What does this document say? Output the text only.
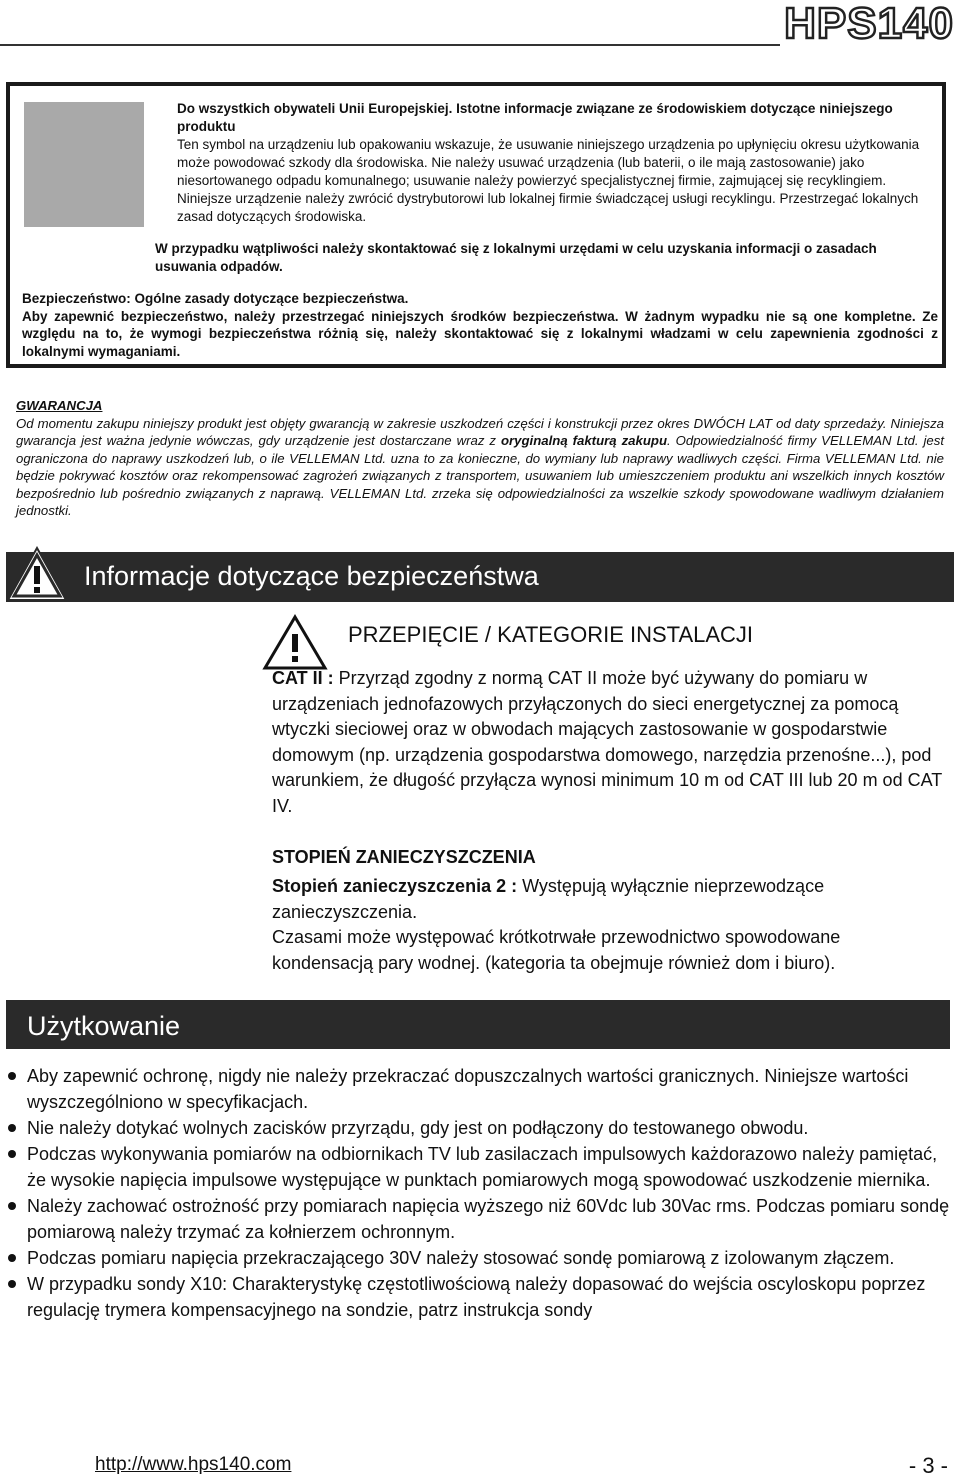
HPS140

Do wszystkich obywateli Unii Europejskiej. Istotne informacje związane ze środowiskiem dotyczące niniejszego produktu

Ten symbol na urządzeniu lub opakowaniu wskazuje, że usuwanie niniejszego urządzenia po upłynięciu okresu użytkowania może powodować szkody dla środowiska. Nie należy usuwać urządzenia (lub baterii, o ile mają zastosowanie) jako niesortowanego odpadu komunalnego; usuwanie należy powierzyć specjalistycznej firmie, zajmującej się recyklingiem. Niniejsze urządzenie należy zwrócić dystrybutorowi lub lokalnej firmie świadczącej usługi recyklingu. Przestrzegać lokalnych zasad dotyczących środowiska.

W przypadku wątpliwości należy skontaktować się z lokalnymi urzędami w celu uzyskania informacji o zasadach usuwania odpadów.

Bezpieczeństwo: Ogólne zasady dotyczące bezpieczeństwa.

Aby zapewnić bezpieczeństwo, należy przestrzegać niniejszych środków bezpieczeństwa. W żadnym wypadku nie są one kompletne. Ze względu na to, że wymogi bezpieczeństwa różnią się, należy skontaktować się z lokalnymi władzami w celu zapewnienia zgodności z lokalnymi wymaganiami.

GWARANCJA

Od momentu zakupu niniejszy produkt jest objęty gwarancją w zakresie uszkodzeń części i konstrukcji przez okres DWÓCH LAT od daty sprzedaży. Niniejsza gwarancja jest ważna jedynie wówczas, gdy urządzenie jest dostarczane wraz z oryginalną fakturą zakupu. Odpowiedzialność firmy VELLEMAN Ltd. jest ograniczona do naprawy uszkodzeń lub, o ile VELLEMAN Ltd. uzna to za konieczne, do wymiany lub naprawy wadliwych części. Firma VELLEMAN Ltd. nie będzie pokrywać kosztów oraz rekompensować zagrożeń związanych z transportem, usuwaniem lub umieszczeniem produktu ani wszelkich innych kosztów bezpośrednio lub pośrednio związanych z naprawą. VELLEMAN Ltd. zrzeka się odpowiedzialności za wszelkie szkody spowodowane wadliwym działaniem jednostki.

Informacje dotyczące bezpieczeństwa
PRZEPIĘCIE / KATEGORIE INSTALACJI
CAT II : Przyrząd zgodny z normą CAT II może być używany do pomiaru w urządzeniach jednofazowych przyłączonych do sieci energetycznej za pomocą wtyczki sieciowej oraz w obwodach mających zastosowanie w gospodarstwie domowym (np. urządzenia gospodarstwa domowego, narzędzia przenośne...), pod warunkiem, że długość przyłącza wynosi minimum 10 m od CAT III lub 20 m od CAT IV.
STOPIEŃ ZANIECZYSZCZENIA

Stopień zanieczyszczenia 2 : Występują wyłącznie nieprzewodzące zanieczyszczenia.

Czasami może występować krótkotrwałe przewodnictwo spowodowane kondensacją pary wodnej. (kategoria ta obejmuje również dom i biuro).

Użytkowanie
Aby zapewnić ochronę, nigdy nie należy przekraczać dopuszczalnych wartości granicznych. Niniejsze wartości wyszczególniono w specyfikacjach.
Nie należy dotykać wolnych zacisków przyrządu, gdy jest on podłączony do testowanego obwodu.
Podczas wykonywania pomiarów na odbiornikach TV lub zasilaczach impulsowych każdorazowo należy pamiętać, że wysokie napięcia impulsowe występujące w punktach pomiarowych mogą spowodować uszkodzenie miernika.
Należy zachować ostrożność przy pomiarach napięcia wyższego niż 60Vdc lub 30Vac rms. Podczas pomiaru sondę pomiarową należy trzymać za kołnierzem ochronnym.
Podczas pomiaru napięcia przekraczającego 30V należy stosować sondę pomiarową z izolowanym złączem.
W przypadku sondy X10: Charakterystykę częstotliwościową należy dopasować do wejścia oscyloskopu poprzez regulację trymera kompensacyjnego na sondzie, patrz instrukcja sondy
http://www.hps140.com	- 3 -
